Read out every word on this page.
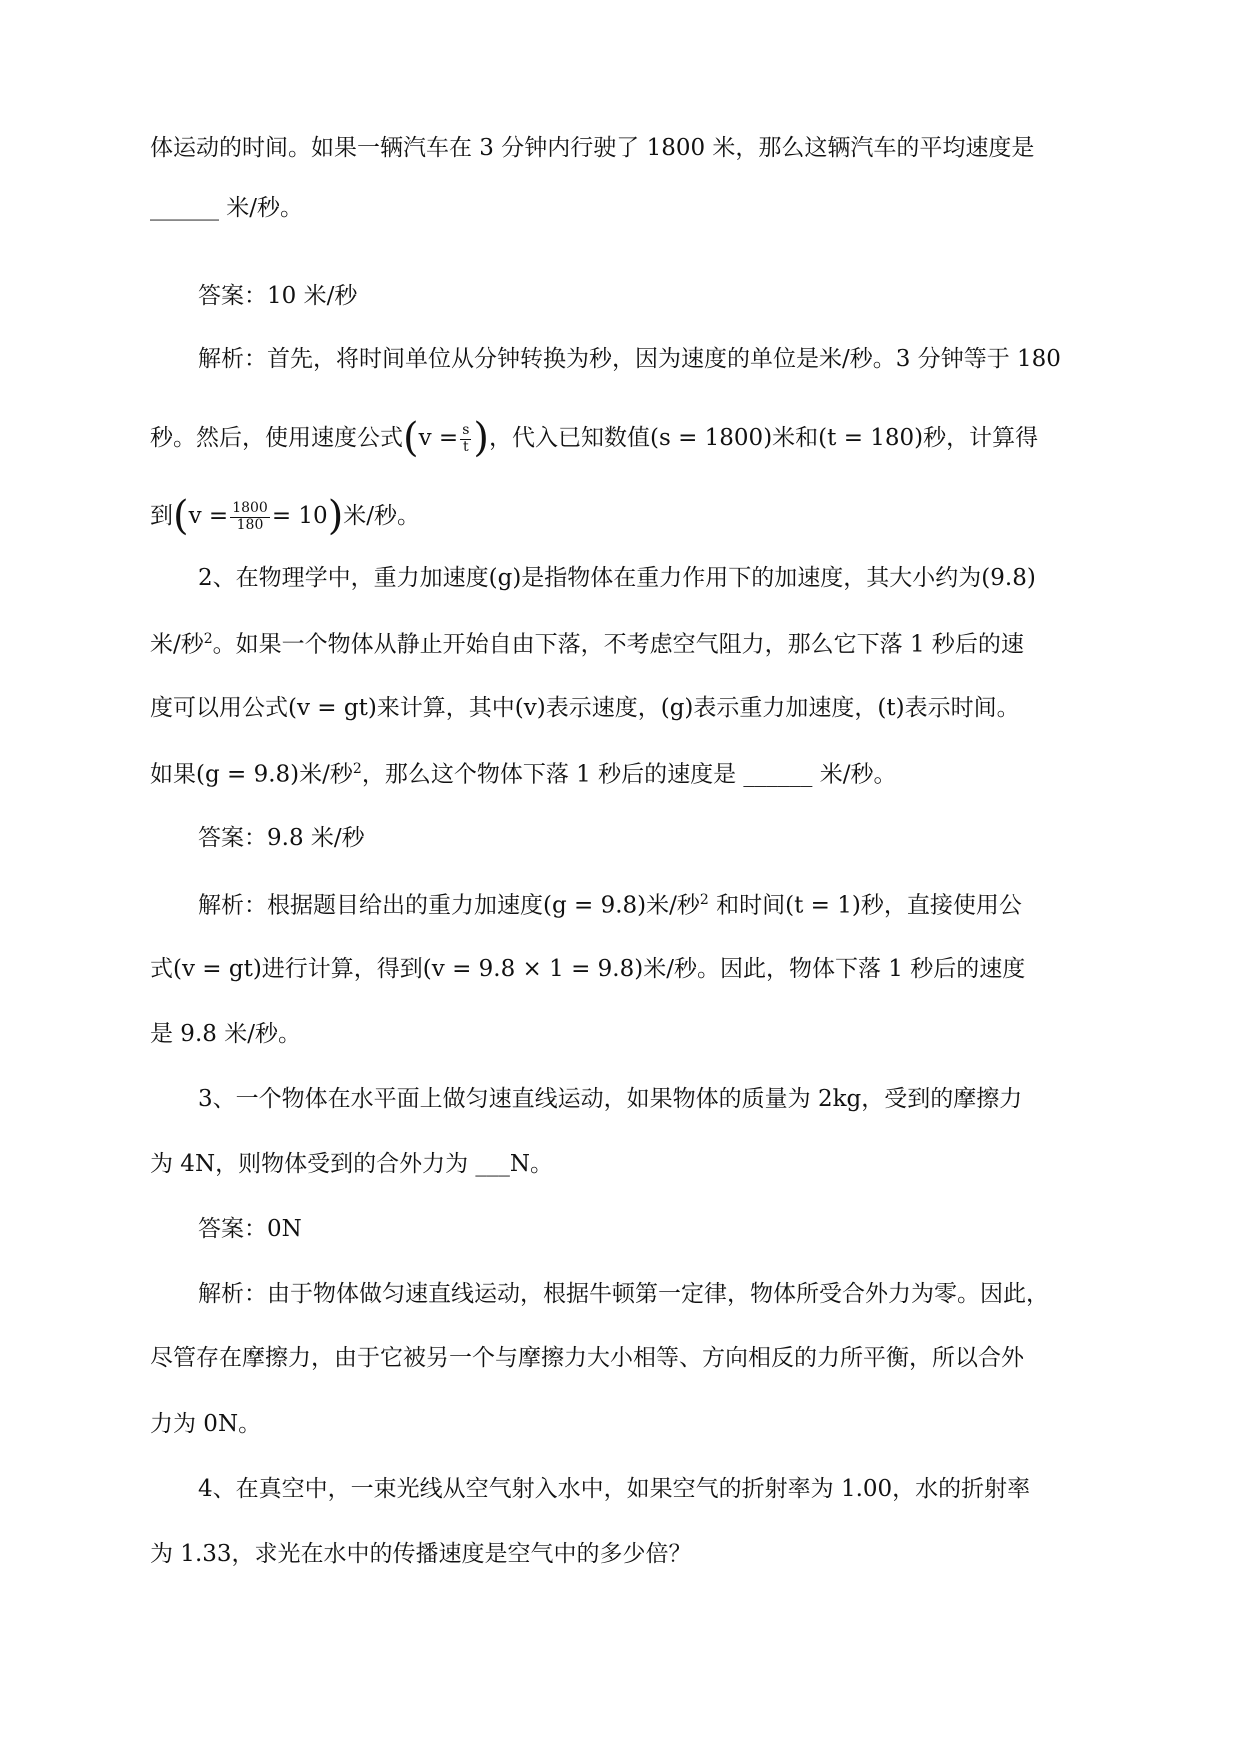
体运动的时间。如果一辆汽车在 3 分钟内行驶了 1800 米，那么这辆汽车的平均速度是
______ 米/秒。
答案：10 米/秒
解析：首先，将时间单位从分钟转换为秒，因为速度的单位是米/秒。3 分钟等于 180
秒。然后，使用速度公式($v = \frac{s}{t}$ )，代入已知数值(s = 1800)米和(t = 180)秒，计算得
到$(v = \frac{1800}{180} = 10)$米/秒。
2、在物理学中，重力加速度(g)是指物体在重力作用下的加速度，其大小约为(9.8)
米/秒$^2$。如果一个物体从静止开始自由下落，不考虑空气阻力，那么它下落 1 秒后的速
度可以用公式(v = gt)来计算，其中(v)表示速度，(g)表示重力加速度，(t)表示时间。
如果(g = 9.8)米/秒$^2$，那么这个物体下落 1 秒后的速度是 ______ 米/秒。
答案：9.8 米/秒
解析：根据题目给出的重力加速度(g = 9.8)米/秒$^2$ 和时间(t = 1)秒，直接使用公
式(v = gt)进行计算，得到(v = 9.8 × 1 = 9.8)米/秒。因此，物体下落 1 秒后的速度
是 9.8 米/秒。
3、一个物体在水平面上做匀速直线运动，如果物体的质量为 2kg，受到的摩擦力
为 4N，则物体受到的合外力为 ___N。
答案：0N
解析：由于物体做匀速直线运动，根据牛顿第一定律，物体所受合外力为零。因此，
尽管存在摩擦力，由于它被另一个与摩擦力大小相等、方向相反的力所平衡，所以合外
力为 0N。
4、在真空中，一束光线从空气射入水中，如果空气的折射率为 1.00，水的折射率
为 1.33，求光在水中的传播速度是空气中的多少倍？
